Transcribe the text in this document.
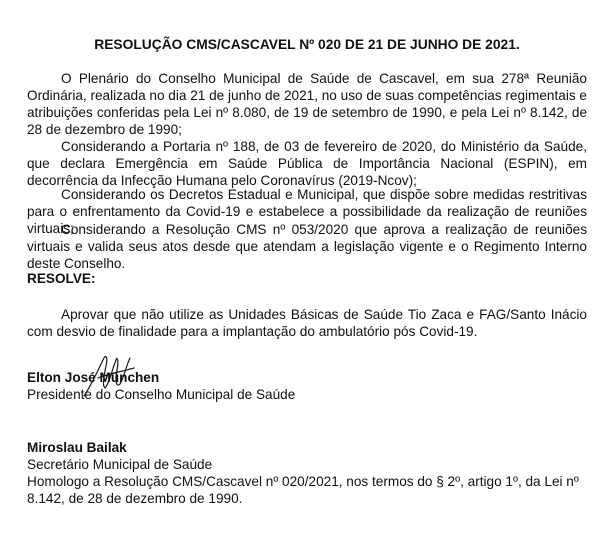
RESOLUÇÃO CMS/CASCAVEL Nº 020 DE 21 DE JUNHO DE 2021.
O Plenário do Conselho Municipal de Saúde de Cascavel, em sua 278ª Reunião Ordinária, realizada no dia 21 de junho de 2021, no uso de suas competências regimentais e atribuições conferidas pela Lei nº 8.080, de 19 de setembro de 1990, e pela Lei nº 8.142, de 28 de dezembro de 1990;
Considerando a Portaria nº 188, de 03 de fevereiro de 2020, do Ministério da Saúde, que declara Emergência em Saúde Pública de Importância Nacional (ESPIN), em decorrência da Infecção Humana pelo Coronavírus (2019-Ncov);
Considerando os Decretos Estadual e Municipal, que dispõe sobre medidas restritivas para o enfrentamento da Covid-19 e estabelece a possibilidade da realização de reuniões virtuais;
Considerando a Resolução CMS nº 053/2020 que aprova a realização de reuniões virtuais e valida seus atos desde que atendam a legislação vigente e o Regimento Interno deste Conselho.
RESOLVE:
Aprovar que não utilize as Unidades Básicas de Saúde Tio Zaca e FAG/Santo Inácio com desvio de finalidade para a implantação do ambulatório pós Covid-19.
Elton José München
Presidente do Conselho Municipal de Saúde
Miroslau Bailak
Secretário Municipal de Saúde
Homologo a Resolução CMS/Cascavel nº 020/2021, nos termos do § 2º, artigo 1º, da Lei nº 8.142, de 28 de dezembro de 1990.
